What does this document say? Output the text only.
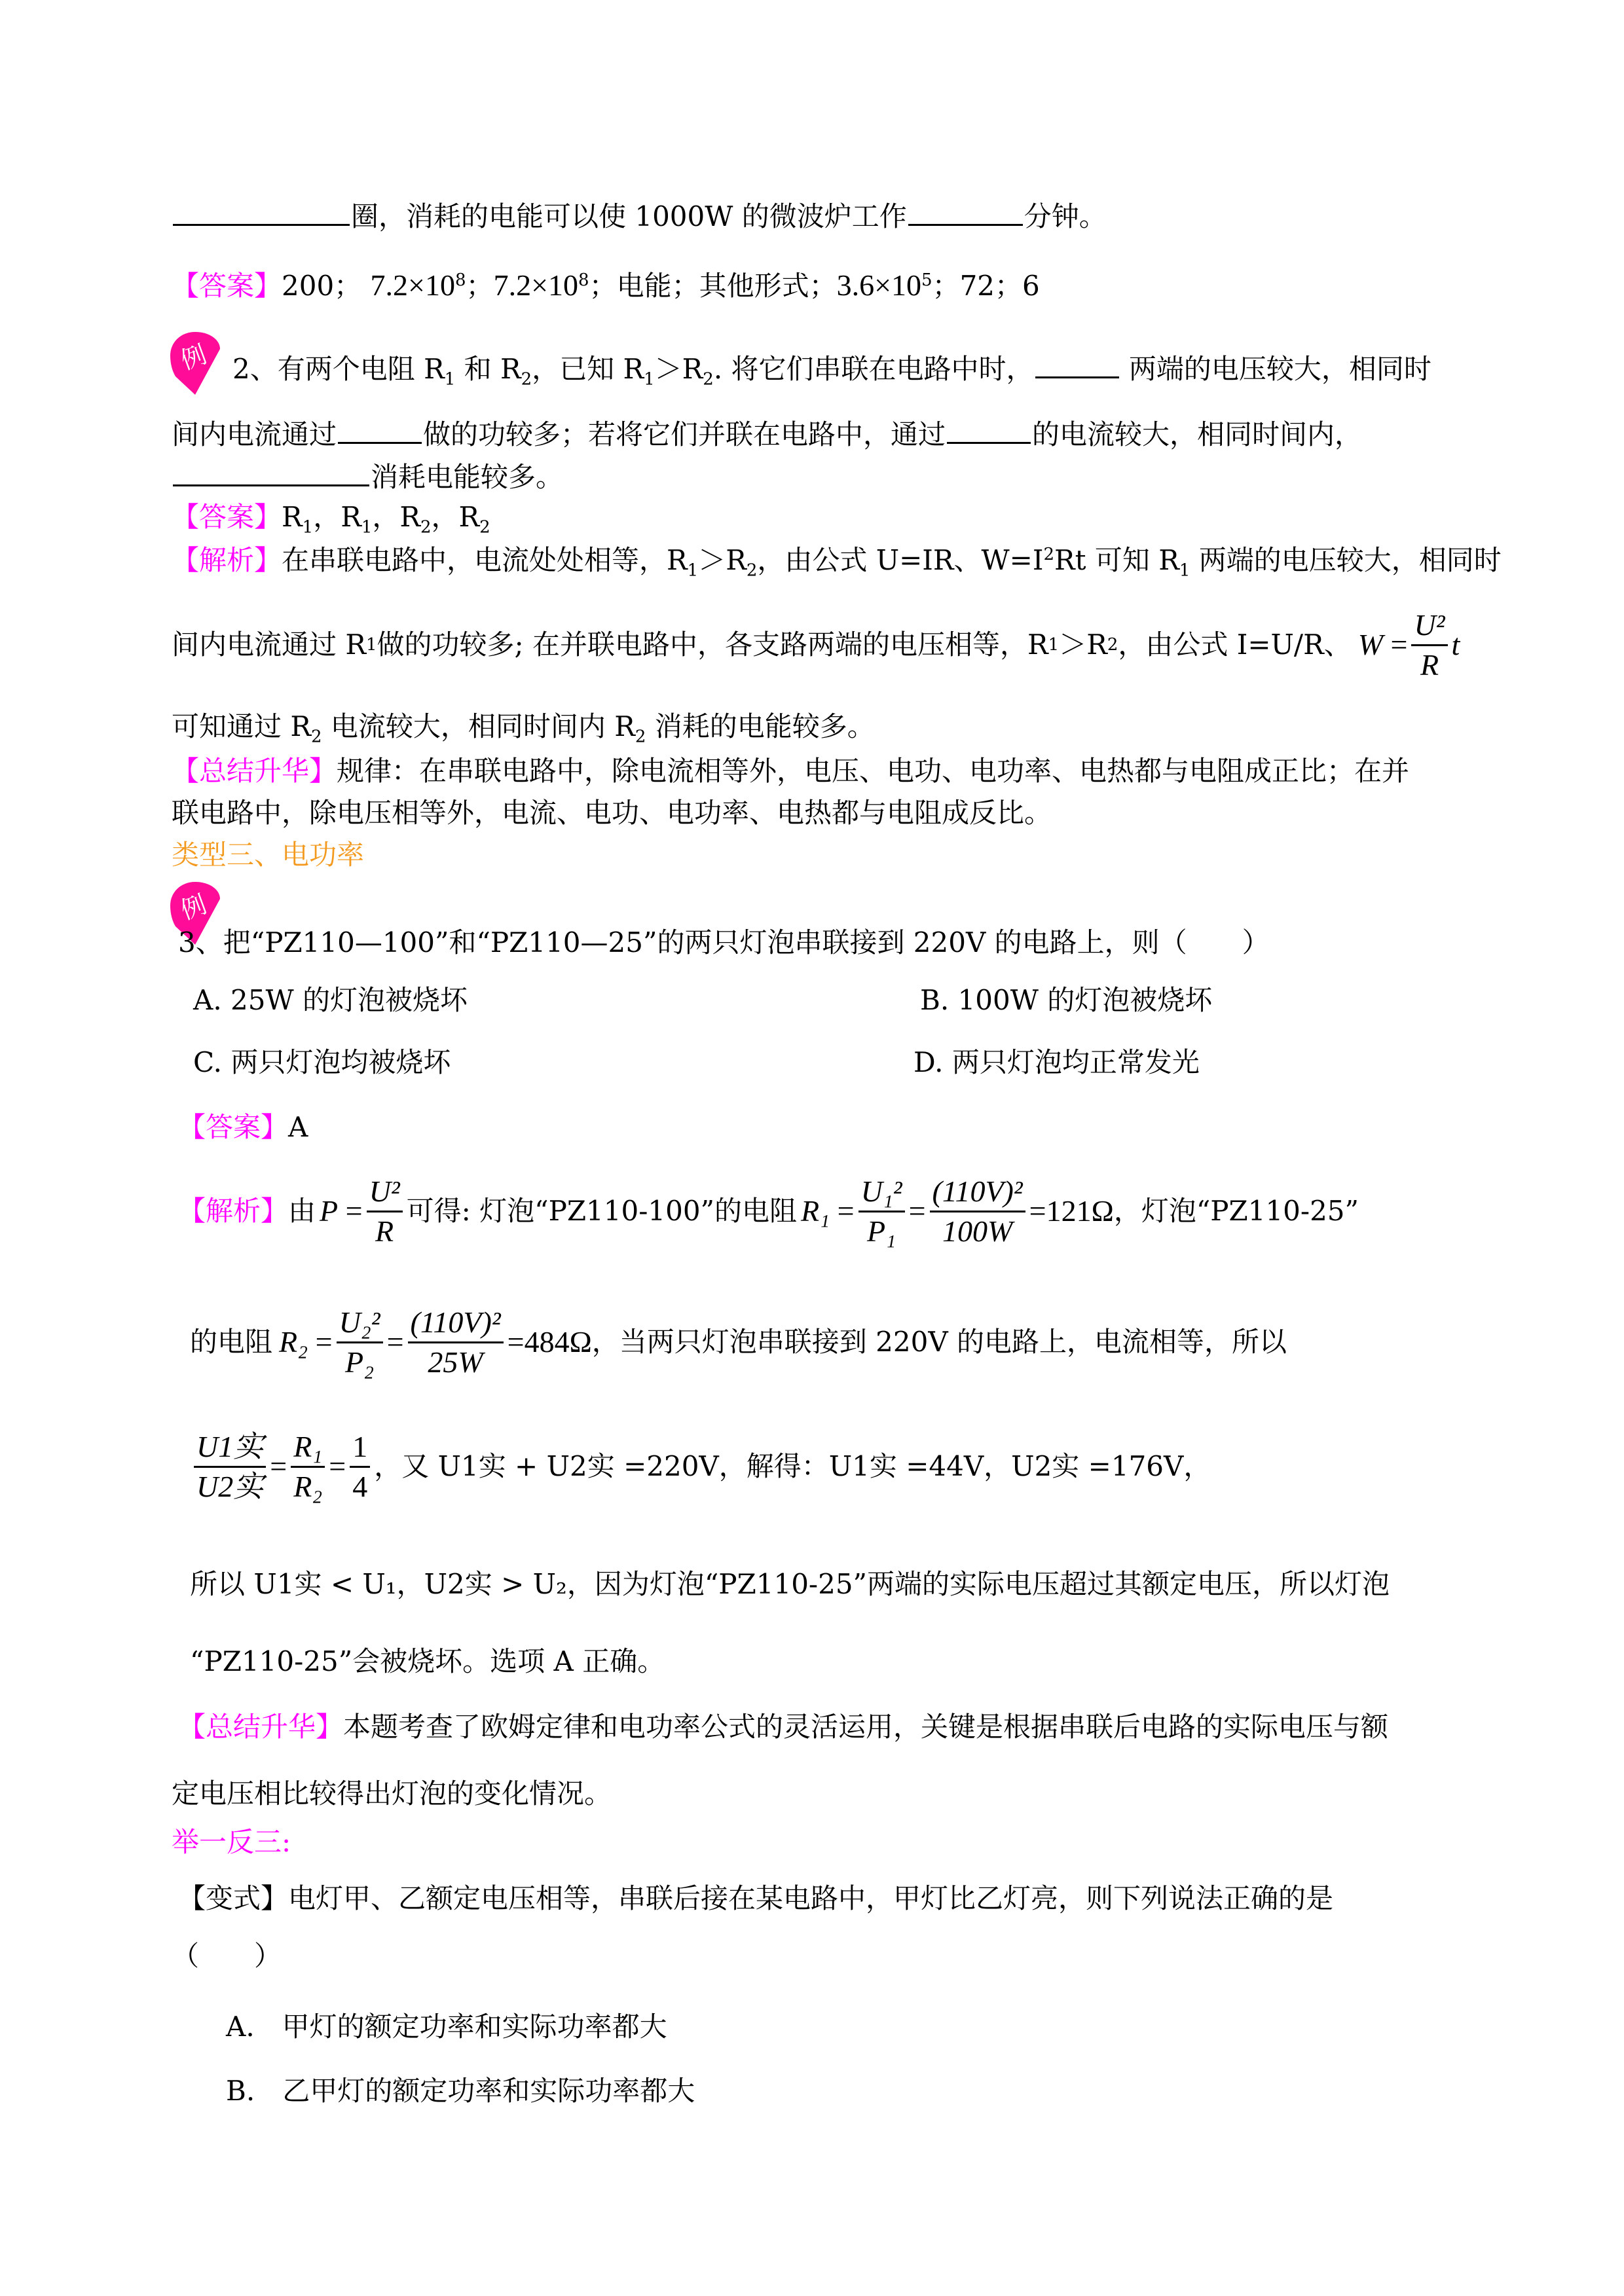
圈，消耗的电能可以使 1000W 的微波炉工作	分钟。
【答案】200； $7.2\times 10^8$；$7.2\times 10^8$；电能；其他形式；$3.6\times 10^5$；72；6
例 2、有两个电阻 $R_1$ 和 $R_2$，已知 $R_1>R_2$. 将它们串联在电路中时，	两端的电压较大，相同时
间内电流通过	做的功较多；若将它们并联在电路中，通过	的电流较大，相同时间内，
消耗电能较多。
【答案】$R_1$，$R_1$，$R_2$，$R_2$
【解析】在串联电路中，电流处处相等，$R_1>R_2$，由公式 U=IR、$W=I^2Rt$ 可知 $R_1$ 两端的电压较大，相同时
间内电流通过 R 1 做的功较多; 在并联电路中，各支路两端的电压相等，R 1 ＞R 2 ，由公式 I=U/R、 $W = \frac{\text{U²}}{R}$ t
可知通过 $R_2$ 电流较大，相同时间内 $R_2$ 消耗的电能较多。
【总结升华】规律：在串联电路中，除电流相等外，电压、电功、电功率、电热都与电阻成正比；在并
联电路中，除电压相等外，电流、电功、电功率、电热都与电阻成反比。
类型三、电功率
例
3、把“PZ110—100”和“PZ110—25”的两只灯泡串联接到 220V 的电路上，则（　　）
A. 25W 的灯泡被烧坏	B. 100W 的灯泡被烧坏
C. 两只灯泡均被烧坏	D. 两只灯泡均正常发光
【答案】A
【解析】 由 $P = \frac{\text{U²}}{R}$ 可得: 灯泡“PZ110-100”的电阻 $R_1 = \frac{\text{U₁²}}{\text{P₁}} = \frac{\text{(110V)²}}{100W} = 121\Omega$ ，灯泡“PZ110-25”
的电阻 $R_2 = \frac{\text{U₂²}}{\text{P₂}} = \frac{\text{(110V)²}}{25W} = 484\Omega$ ，当两只灯泡串联接到 220V 的电路上，电流相等，所以
$\frac{\text{U1实}}{\text{U2实}} = \frac{\text{R₁}}{\text{R₂}} = \frac{1}{4}$ ，又 U1实 + U2实 =220V，解得：U1实 =44V，U2实 =176V，
所以 U1实 < U₁，U2实 > U₂，因为灯泡“PZ110-25”两端的实际电压超过其额定电压，所以灯泡
“PZ110-25”会被烧坏。选项 A 正确。
【总结升华】本题考查了欧姆定律和电功率公式的灵活运用，关键是根据串联后电路的实际电压与额
定电压相比较得出灯泡的变化情况。
举一反三:
【变式】电灯甲、乙额定电压相等，串联后接在某电路中，甲灯比乙灯亮，则下列说法正确的是
（　　）
A.　甲灯的额定功率和实际功率都大
B.　乙甲灯的额定功率和实际功率都大
